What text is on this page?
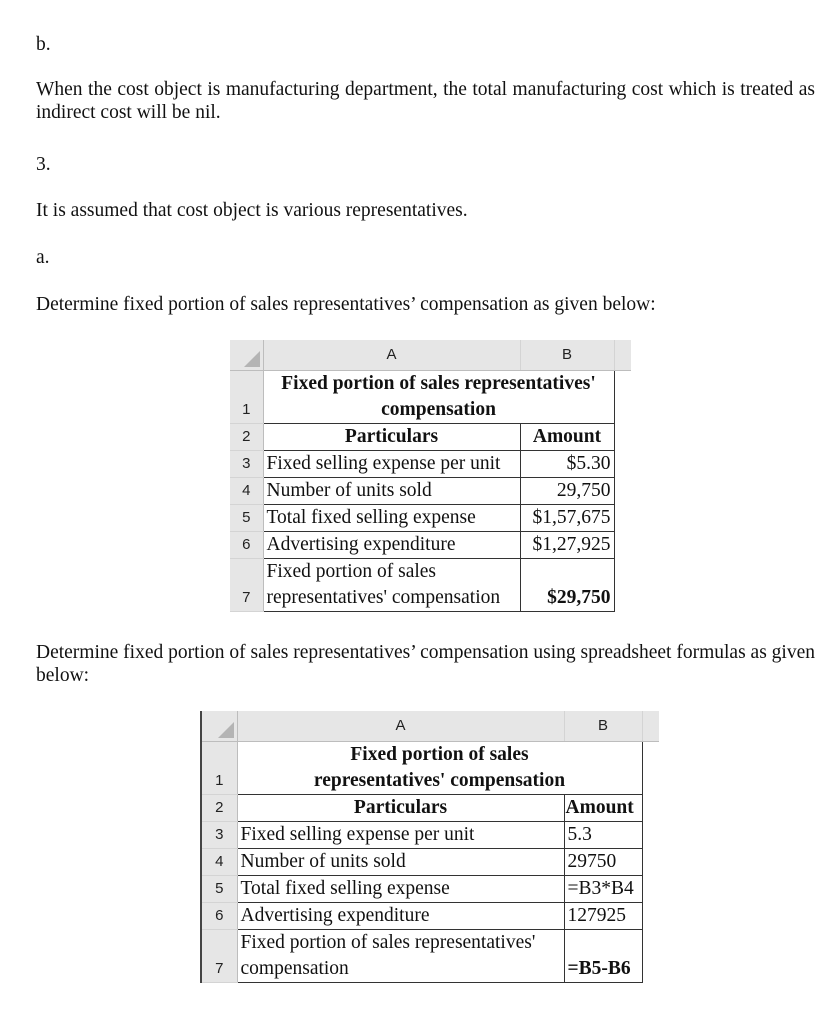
b.

When the cost object is manufacturing department, the total manufacturing cost which is treated as indirect cost will be nil.

3.

It is assumed that cost object is various representatives.

a.

Determine fixed portion of sales representatives’ compensation as given below:

	A	B	
1	Fixed portion of sales representatives' compensation		
2	Particulars	Amount	
3	Fixed selling expense per unit	$5.30	
4	Number of units sold	29,750	
5	Total fixed selling expense	$1,57,675	
6	Advertising expenditure	$1,27,925	
7	Fixed portion of sales representatives' compensation	$29,750	

Determine fixed portion of sales representatives’ compensation using spreadsheet formulas as given below:

	A	B	
1	Fixed portion of sales representatives' compensation		
2	Particulars	Amount	
3	Fixed selling expense per unit	5.3	
4	Number of units sold	29750	
5	Total fixed selling expense	=B3*B4	
6	Advertising expenditure	127925	
7	Fixed portion of sales representatives' compensation	=B5-B6	
